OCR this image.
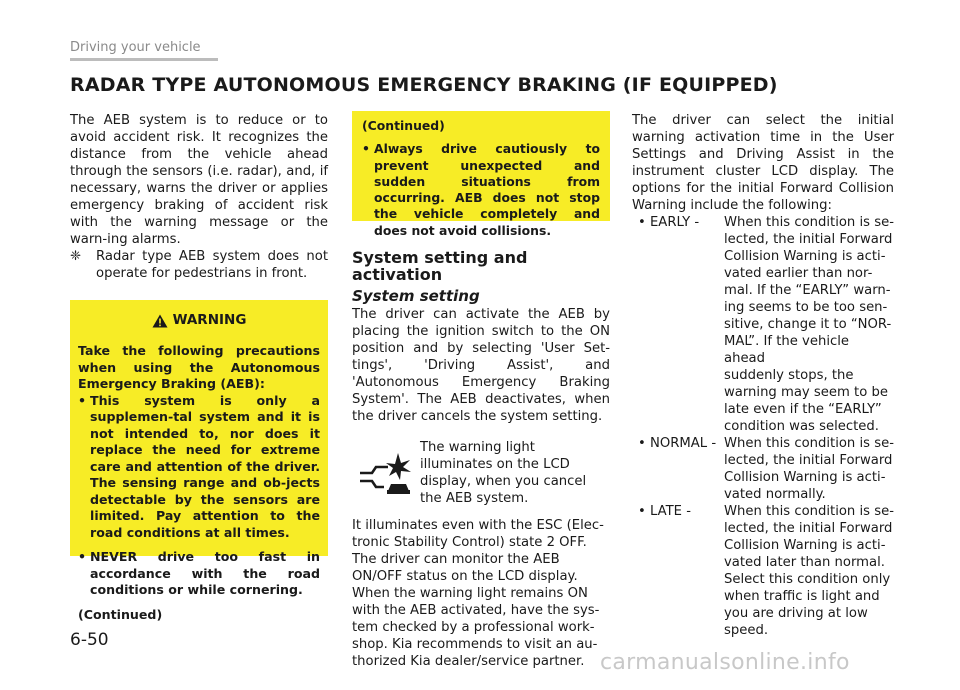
Driving your vehicle
RADAR TYPE AUTONOMOUS EMERGENCY BRAKING (IF EQUIPPED)

The AEB system is to reduce or to avoid accident risk. It recognizes the distance from the vehicle ahead through the sensors (i.e. radar), and, if necessary, warns the driver or applies emergency braking of accident risk with the warning message or the warn-ing alarms.

❈	Radar type AEB system does not operate for pedestrians in front.
WARNING

Take the following precautions when using the Autonomous Emergency Braking (AEB):

• This system is only a supplemen-tal system and it is not intended to, nor does it replace the need for extreme care and attention of the driver. The sensing range and ob-jects detectable by the sensors are limited. Pay attention to the road conditions at all times.
• NEVER drive too fast in accordance with the road conditions or while cornering.

(Continued)

(Continued)

• Always drive cautiously to prevent unexpected and sudden situations from occurring. AEB does not stop the vehicle completely and does not avoid collisions.
System setting and activation
System setting

The driver can activate the AEB by placing the ignition switch to the ON position and by selecting 'User Set-tings', 'Driving Assist', and 'Autonomous Emergency Braking System'. The AEB deactivates, when the driver cancels the system setting.

The warning light illuminates on the LCD display, when you cancel the AEB system.
It illuminates even with the ESC (Elec-
tronic Stability Control) state 2 OFF.
The driver can monitor the AEB
ON/OFF status on the LCD display.
When the warning light remains ON
with the AEB activated, have the sys-
tem checked by a professional work-
shop. Kia recommends to visit an au-
thorized Kia dealer/service partner.

The driver can select the initial warning activation time in the User Settings and Driving Assist in the instrument cluster LCD display. The options for the initial Forward Collision Warning include the following:

• EARLY -	When this condition is se-
lected, the initial Forward
Collision Warning is acti-
vated earlier than nor-
mal. If the “EARLY” warn-
ing seems to be too sen-
sitive, change it to “NOR-
MAL”. If the vehicle ahead
suddenly stops, the
warning may seem to be
late even if the “EARLY”
condition was selected.
• NORMAL - When this condition is se-
lected, the initial Forward
Collision Warning is acti-
vated normally.
• LATE -	When this condition is se-
lected, the initial Forward
Collision Warning is acti-
vated later than normal.
Select this condition only
when traffic is light and
you are driving at low
speed.
6-50
carmanualsonline.info
